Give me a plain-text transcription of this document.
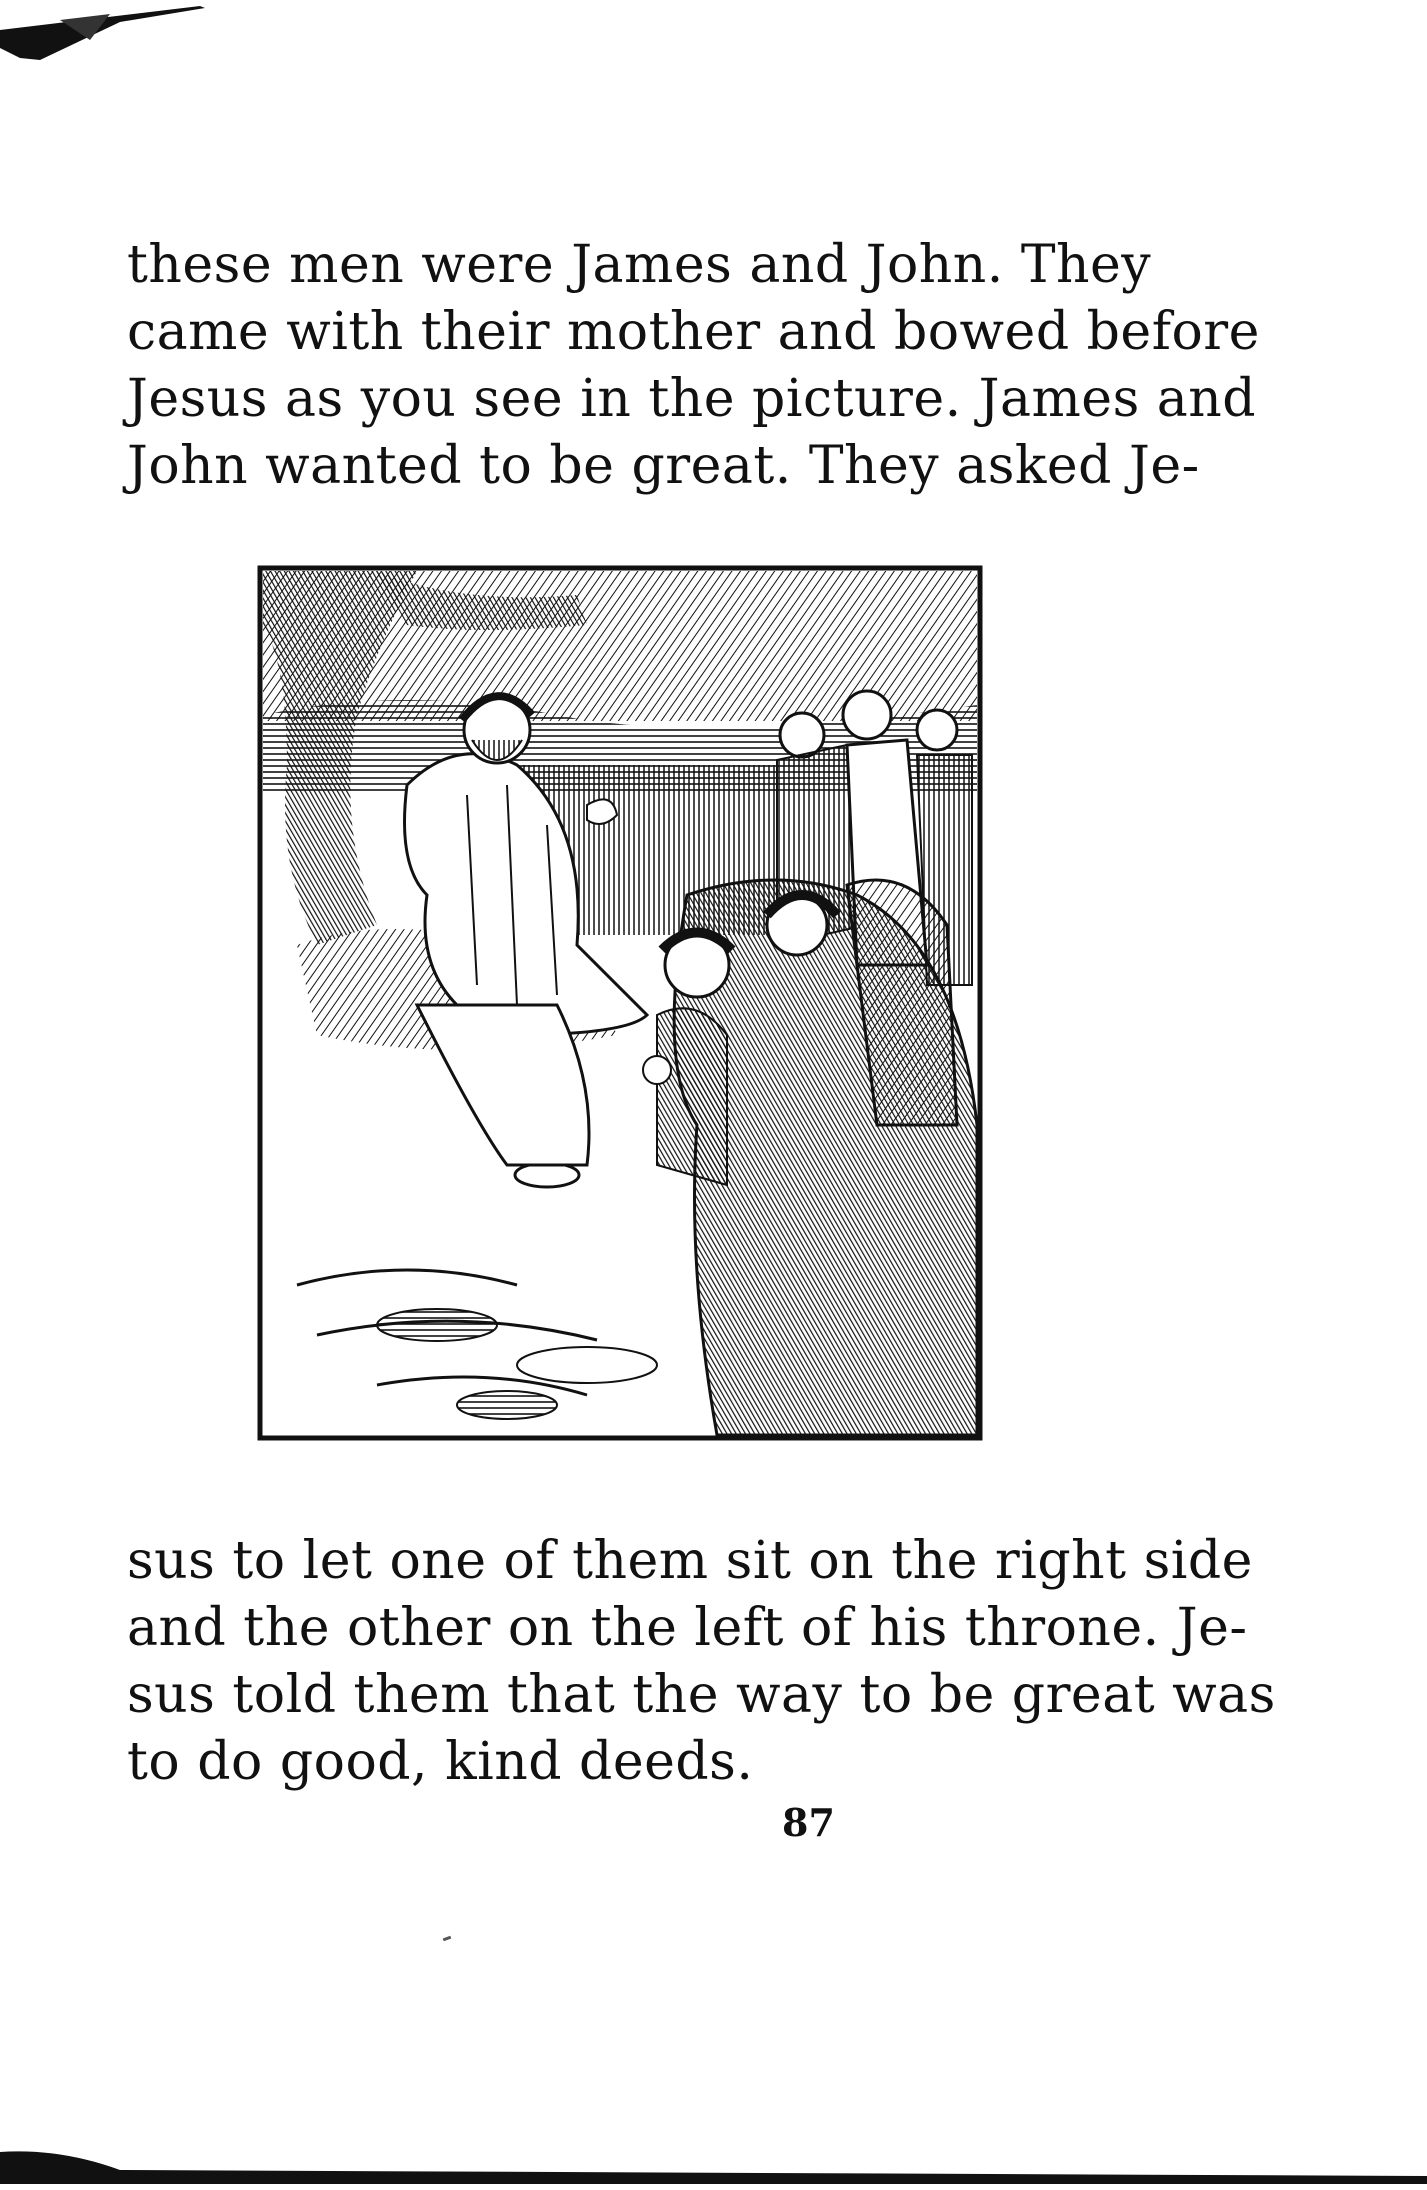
these men were James and John. They
came with their mother and bowed before
Jesus as you see in the picture. James and
John wanted to be great. They asked Je-
sus to let one of them sit on the right side
and the other on the left of his throne. Je-
sus told them that the way to be great was
to do good, kind deeds.
87
